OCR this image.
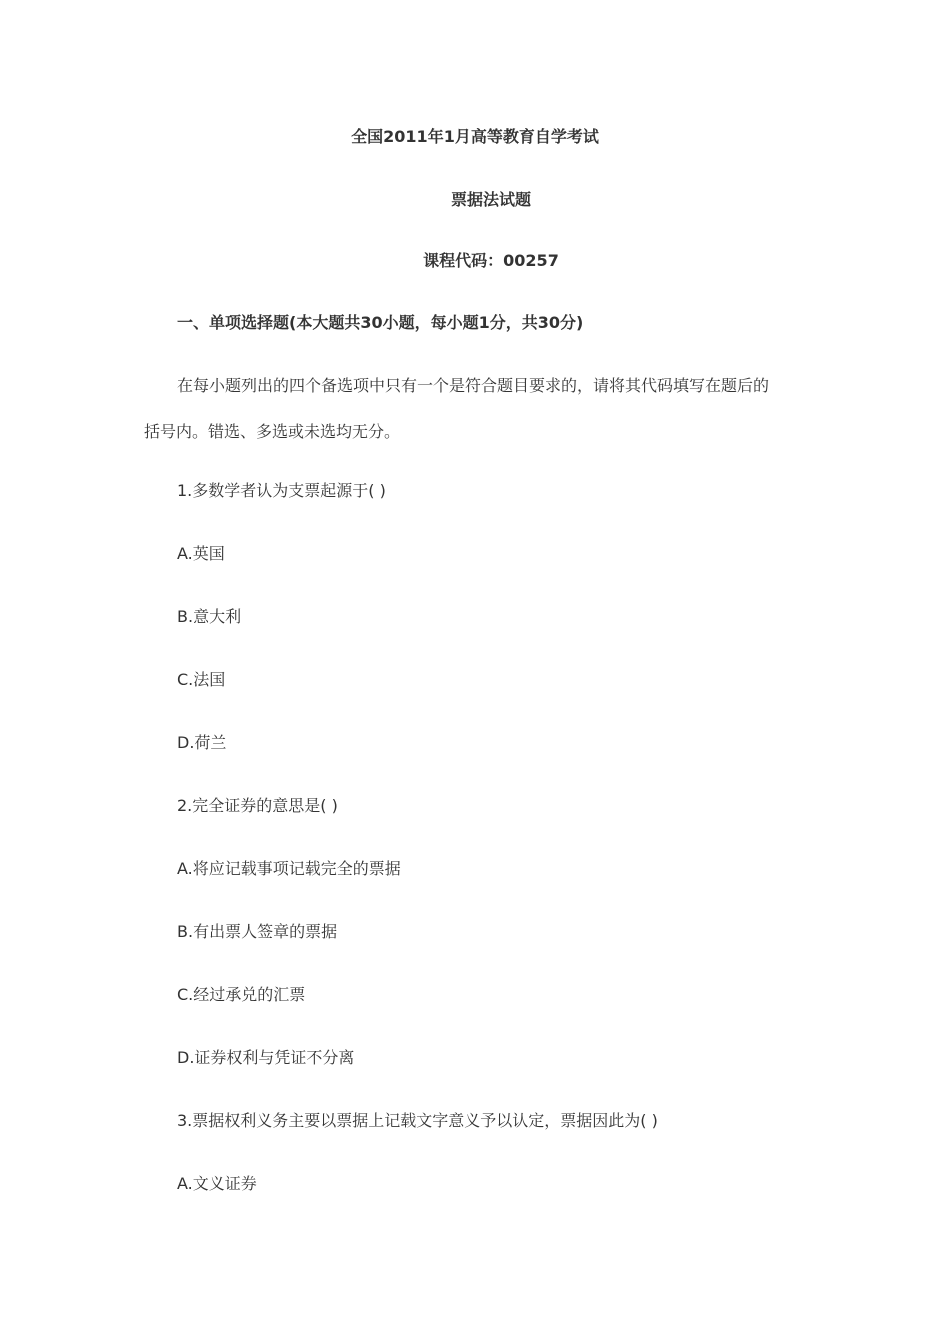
全国2011年1月高等教育自学考试
票据法试题
课程代码：00257
一、单项选择题(本大题共30小题，每小题1分，共30分)
在每小题列出的四个备选项中只有一个是符合题目要求的，请将其代码填写在题后的
括号内。错选、多选或未选均无分。
1.多数学者认为支票起源于( )
A.英国
B.意大利
C.法国
D.荷兰
2.完全证券的意思是( )
A.将应记载事项记载完全的票据
B.有出票人签章的票据
C.经过承兑的汇票
D.证券权利与凭证不分离
3.票据权利义务主要以票据上记载文字意义予以认定，票据因此为( )
A.文义证券
